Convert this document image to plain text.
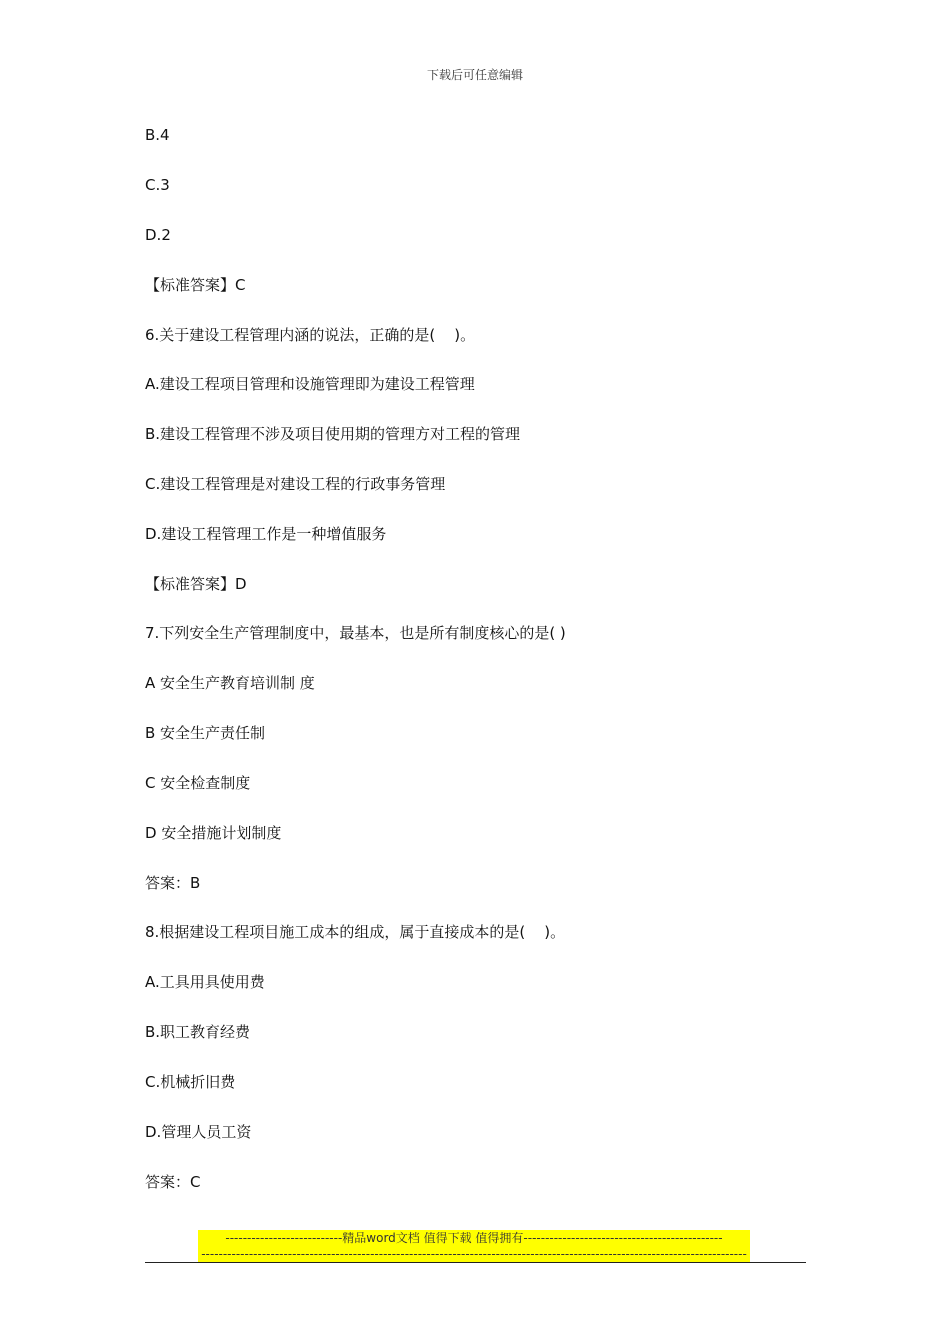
下载后可任意编辑
B.4
C.3
D.2
【标准答案】C
6.关于建设工程管理内涵的说法，正确的是(    )。
A.建设工程项目管理和设施管理即为建设工程管理
B.建设工程管理不涉及项目使用期的管理方对工程的管理
C.建设工程管理是对建设工程的行政事务管理
D.建设工程管理工作是一种增值服务
【标准答案】D
7.下列安全生产管理制度中，最基本，也是所有制度核心的是( )
A 安全生产教育培训制 度
B 安全生产责任制
C 安全检查制度
D 安全措施计划制度
答案：B
8.根据建设工程项目施工成本的组成，属于直接成本的是(    )。
A.工具用具使用费
B.职工教育经费
C.机械折旧费
D.管理人员工资
答案：C
---------------------------精品word文档 值得下载 值得拥有----------------------------------------------
------------------------------------------------------------------------------------------------------------------------------
